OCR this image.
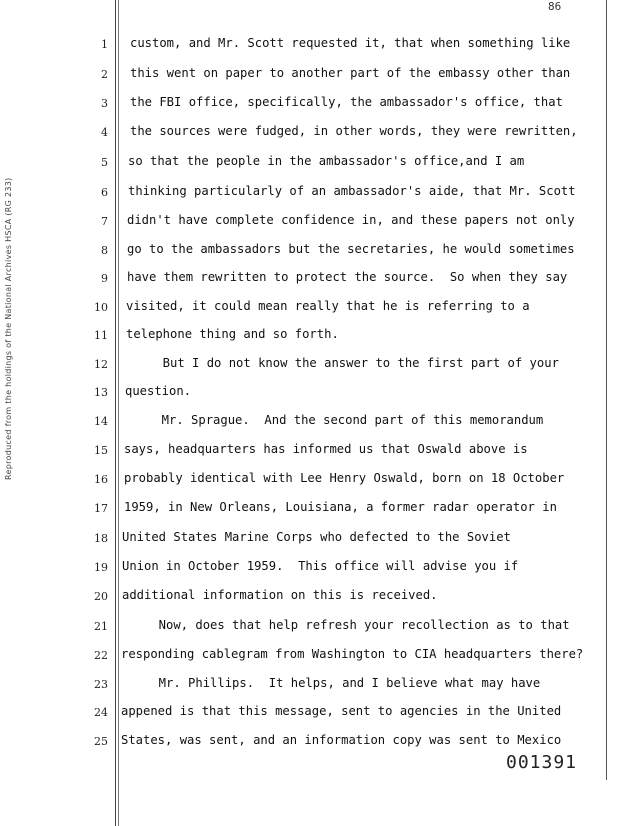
86
Reproduced from the holdings of the National Archives HSCA (RG 233)
1 custom, and Mr. Scott requested it, that when something like
2 this went on paper to another part of the embassy other than
3 the FBI office, specifically, the ambassador's office, that
4 the sources were fudged, in other words, they were rewritten,
5 so that the people in the ambassador's office,and I am
6 thinking particularly of an ambassador's aide, that Mr. Scott
7 didn't have complete confidence in, and these papers not only
8 go to the ambassadors but the secretaries, he would sometimes
9 have them rewritten to protect the source.  So when they say
10 visited, it could mean really that he is referring to a
11 telephone thing and so forth.
12 But I do not know the answer to the first part of your
13 question.
14 Mr. Sprague.  And the second part of this memorandum
15 says, headquarters has informed us that Oswald above is
16 probably identical with Lee Henry Oswald, born on 18 October
17 1959, in New Orleans, Louisiana, a former radar operator in
18 United States Marine Corps who defected to the Soviet
19 Union in October 1959.  This office will advise you if
20 additional information on this is received.
21 Now, does that help refresh your recollection as to that
22 responding cablegram from Washington to CIA headquarters there?
23 Mr. Phillips.  It helps, and I believe what may have
24 appened is that this message, sent to agencies in the United
25 States, was sent, and an information copy was sent to Mexico
001391
